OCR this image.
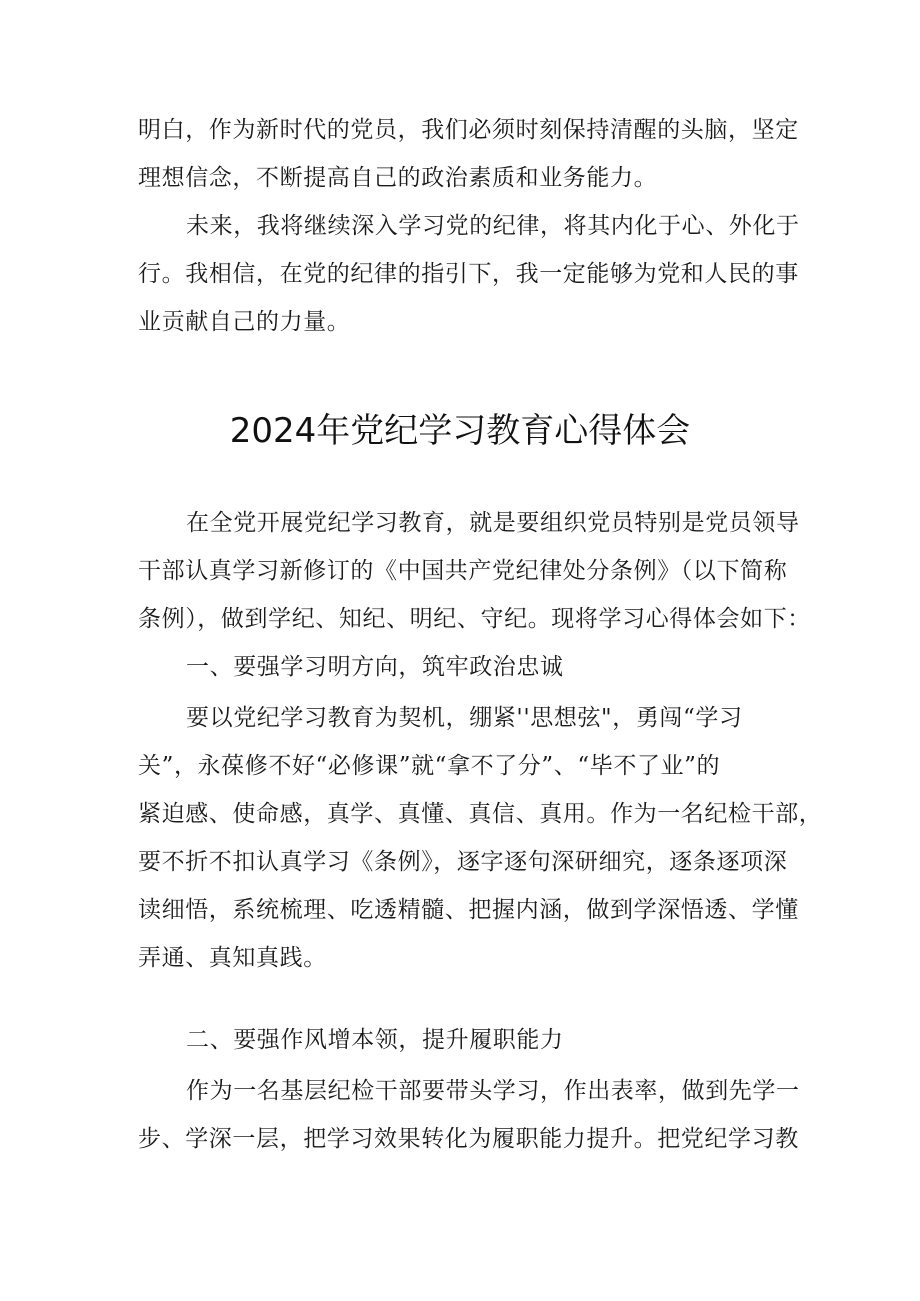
明白，作为新时代的党员，我们必须时刻保持清醒的头脑，坚定
理想信念，不断提高自己的政治素质和业务能力。
未来，我将继续深入学习党的纪律，将其内化于心、外化于
行。我相信，在党的纪律的指引下，我一定能够为党和人民的事
业贡献自己的力量。
2024年党纪学习教育心得体会
在全党开展党纪学习教育，就是要组织党员特别是党员领导
干部认真学习新修订的《中国共产党纪律处分条例》（以下简称
条例），做到学纪、知纪、明纪、守纪。现将学习心得体会如下：
一、要强学习明方向，筑牢政治忠诚
要以党纪学习教育为契机，绷紧''思想弦"，勇闯“学习
关”，永葆修不好“必修课”就“拿不了分”、“毕不了业”的
紧迫感、使命感，真学、真懂、真信、真用。作为一名纪检干部，
要不折不扣认真学习《条例》，逐字逐句深研细究，逐条逐项深
读细悟，系统梳理、吃透精髓、把握内涵，做到学深悟透、学懂
弄通、真知真践。
二、要强作风增本领，提升履职能力
作为一名基层纪检干部要带头学习，作出表率，做到先学一
步、学深一层，把学习效果转化为履职能力提升。把党纪学习教
